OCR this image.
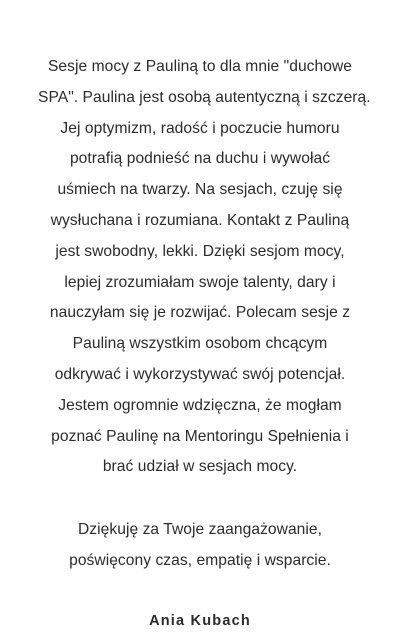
Sesje mocy z Pauliną to dla mnie "duchowe
SPA". Paulina jest osobą autentyczną i szczerą.
Jej optymizm, radość i poczucie humoru
potrafią podnieść na duchu i wywołać
uśmiech na twarzy. Na sesjach, czuję się
wysłuchana i rozumiana. Kontakt z Pauliną
jest swobodny, lekki. Dzięki sesjom mocy,
lepiej zrozumiałam swoje talenty, dary i
nauczyłam się je rozwijać. Polecam sesje z
Pauliną wszystkim osobom chcącym
odkrywać i wykorzystywać swój potencjał.
Jestem ogromnie wdzięczna, że mogłam
poznać Paulinę na Mentoringu Spełnienia i
brać udział w sesjach mocy.

Dziękuję za Twoje zaangażowanie,
poświęcony czas, empatię i wsparcie.

Ania Kubach
